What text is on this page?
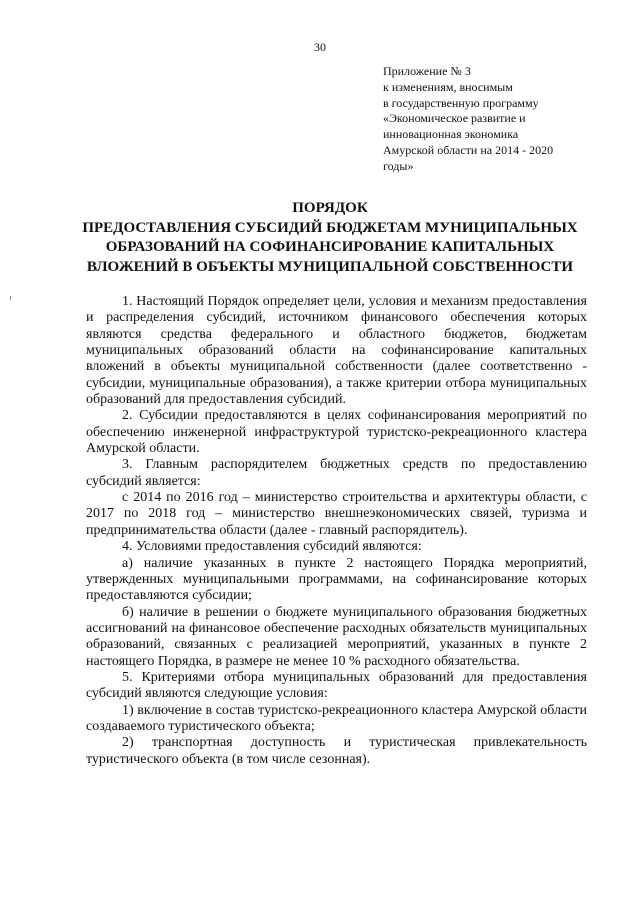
30
Приложение № 3
к изменениям, вносимым
в государственную программу
«Экономическое развитие и
инновационная экономика
Амурской области на 2014 - 2020
годы»
ПОРЯДОК
ПРЕДОСТАВЛЕНИЯ СУБСИДИЙ БЮДЖЕТАМ МУНИЦИПАЛЬНЫХ
ОБРАЗОВАНИЙ НА СОФИНАНСИРОВАНИЕ КАПИТАЛЬНЫХ
ВЛОЖЕНИЙ В ОБЪЕКТЫ МУНИЦИПАЛЬНОЙ СОБСТВЕННОСТИ

1. Настоящий Порядок определяет цели, условия и механизм предоставления и распределения субсидий, источником финансового обеспечения которых являются средства федерального и областного бюджетов, бюджетам муниципальных образований области на софинансирование капитальных вложений в объекты муниципальной собственности (далее соответственно - субсидии, муниципальные образования), а также критерии отбора муниципальных образований для предоставления субсидий.

2. Субсидии предоставляются в целях софинансирования мероприятий по обеспечению инженерной инфраструктурой туристско-рекреационного кластера Амурской области.

3. Главным распорядителем бюджетных средств по предоставлению субсидий является:

с 2014 по 2016 год – министерство строительства и архитектуры области, с 2017 по 2018 год – министерство внешнеэкономических связей, туризма и предпринимательства области (далее - главный распорядитель).

4. Условиями предоставления субсидий являются:

а) наличие указанных в пункте 2 настоящего Порядка мероприятий, утвержденных муниципальными программами, на софинансирование которых предоставляются субсидии;

б) наличие в решении о бюджете муниципального образования бюджетных ассигнований на финансовое обеспечение расходных обязательств муниципальных образований, связанных с реализацией мероприятий, указанных в пункте 2 настоящего Порядка, в размере не менее 10 % расходного обязательства.

5. Критериями отбора муниципальных образований для предоставления субсидий являются следующие условия:

1) включение в состав туристско-рекреационного кластера Амурской области создаваемого туристического объекта;

2) транспортная доступность и туристическая привлекательность туристического объекта (в том числе сезонная).
